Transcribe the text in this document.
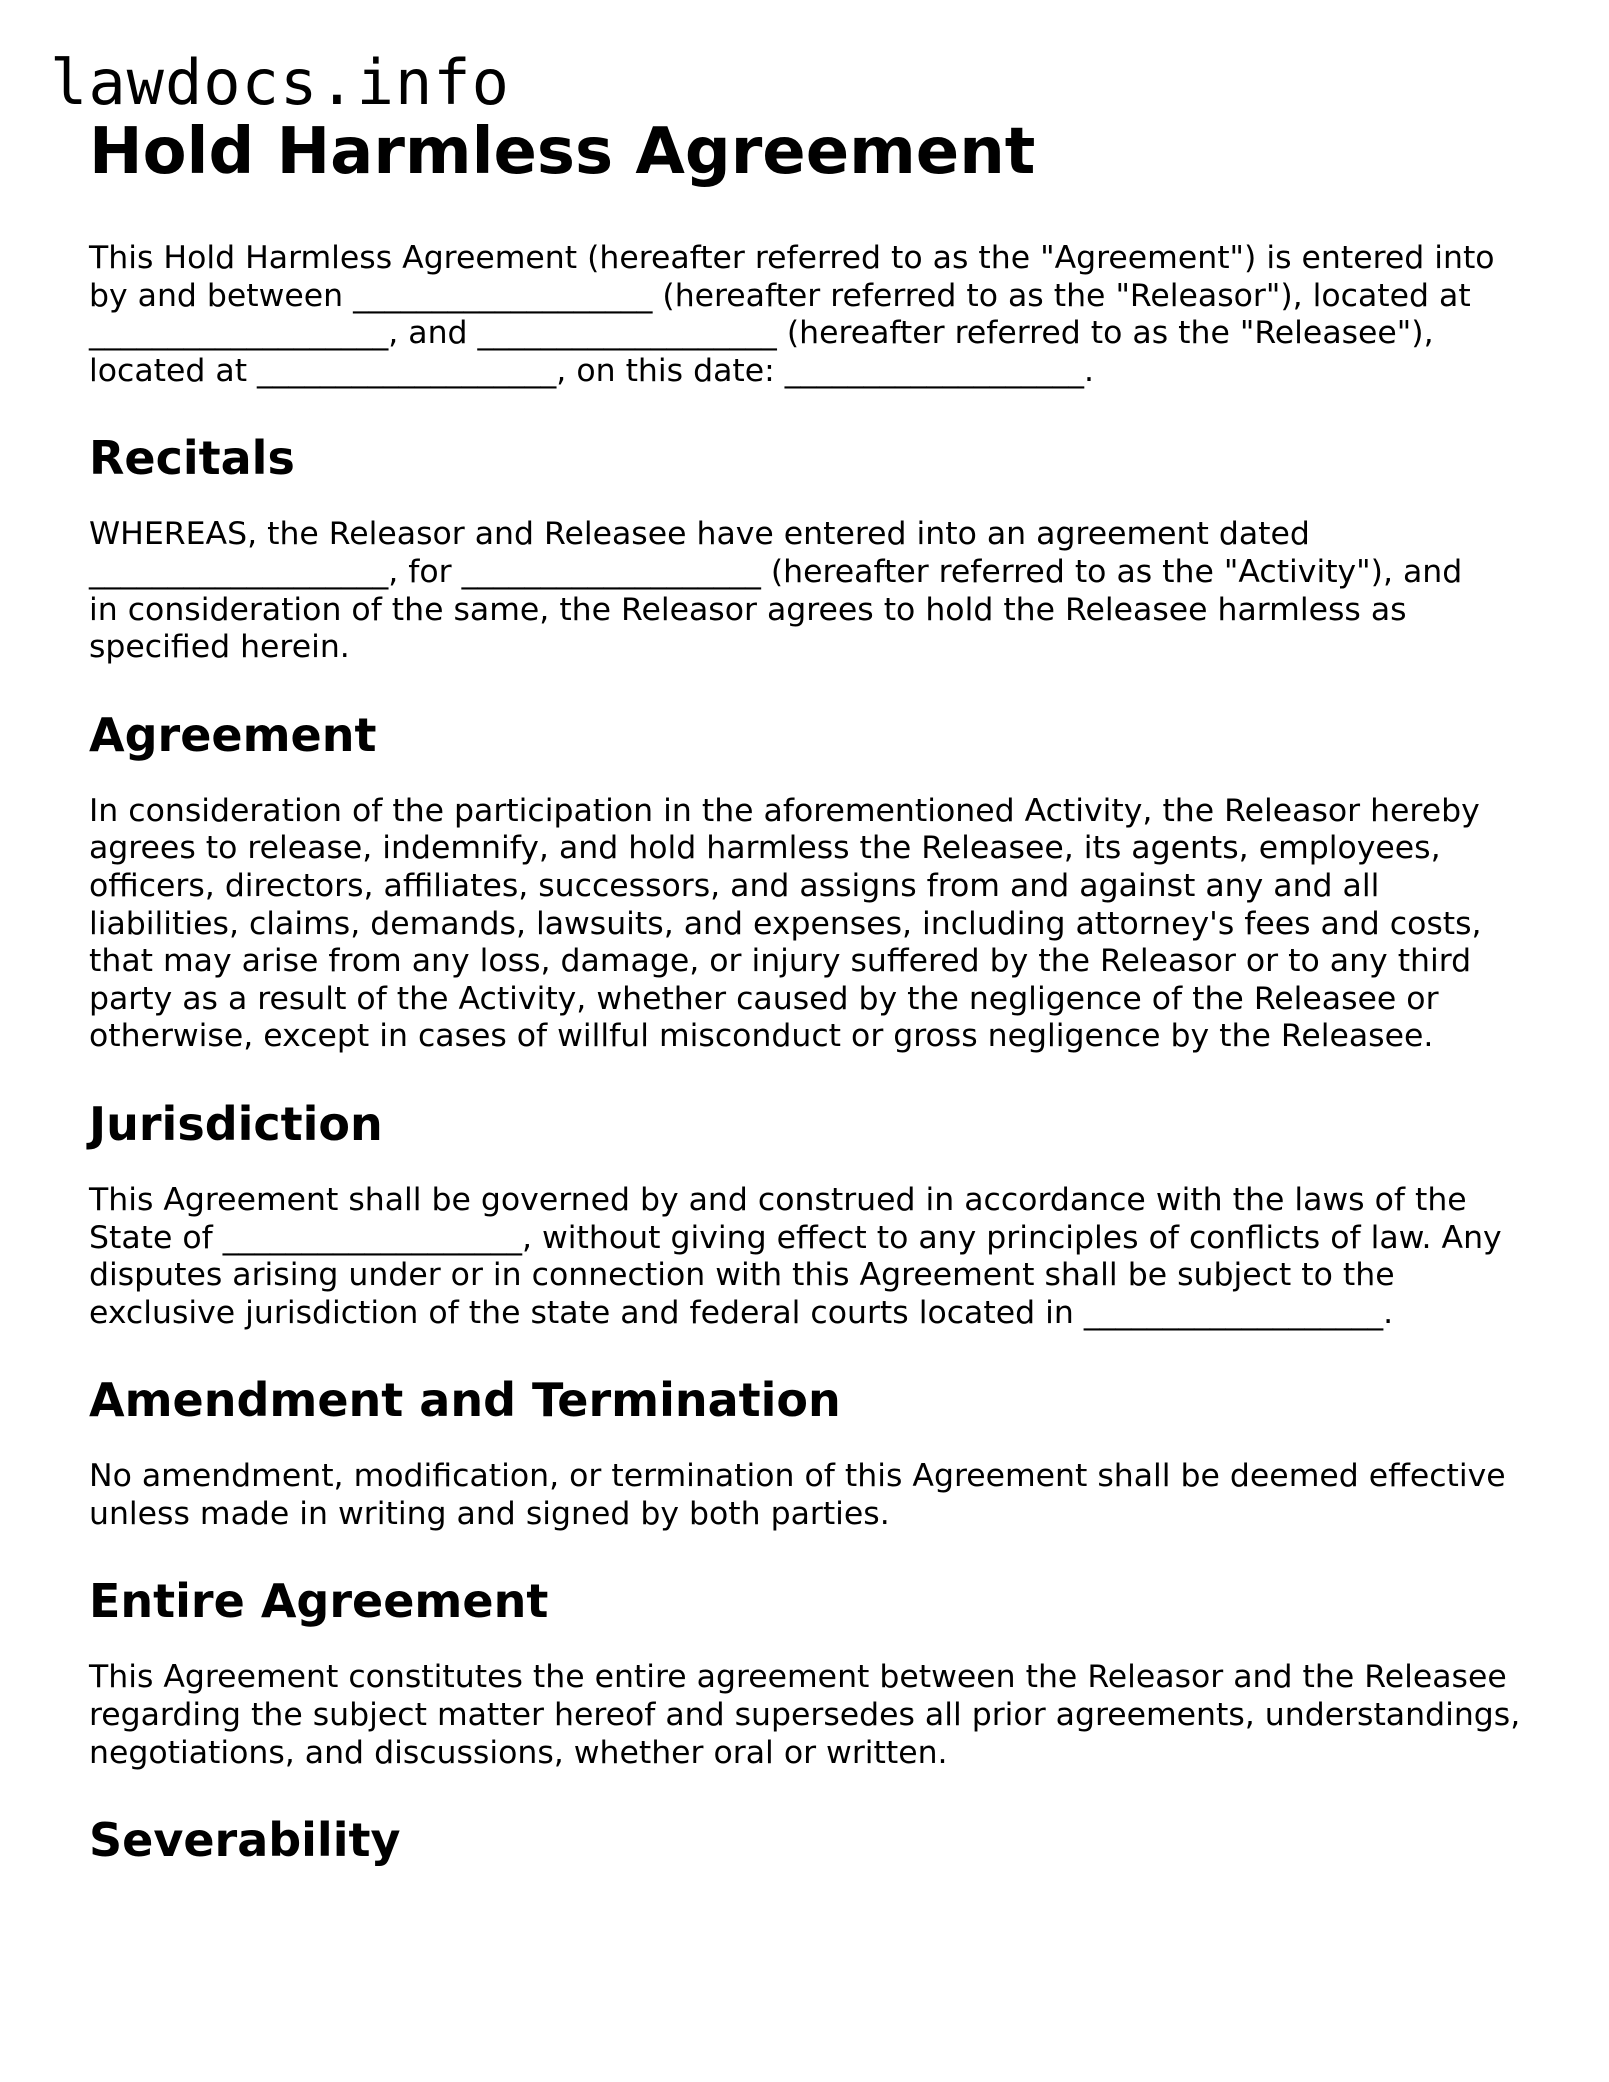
lawdocs.info
Hold Harmless Agreement

This Hold Harmless Agreement (hereafter referred to as the "Agreement") is entered into
by and between ___________________ (hereafter referred to as the "Releasor"), located at
___________________, and ___________________ (hereafter referred to as the "Releasee"),
located at ___________________, on this date: ___________________.

Recitals

WHEREAS, the Releasor and Releasee have entered into an agreement dated
___________________, for ___________________ (hereafter referred to as the "Activity"), and
in consideration of the same, the Releasor agrees to hold the Releasee harmless as
specified herein.

Agreement

In consideration of the participation in the aforementioned Activity, the Releasor hereby
agrees to release, indemnify, and hold harmless the Releasee, its agents, employees,
officers, directors, affiliates, successors, and assigns from and against any and all
liabilities, claims, demands, lawsuits, and expenses, including attorney's fees and costs,
that may arise from any loss, damage, or injury suffered by the Releasor or to any third
party as a result of the Activity, whether caused by the negligence of the Releasee or
otherwise, except in cases of willful misconduct or gross negligence by the Releasee.

Jurisdiction

This Agreement shall be governed by and construed in accordance with the laws of the
State of ___________________, without giving effect to any principles of conflicts of law. Any
disputes arising under or in connection with this Agreement shall be subject to the
exclusive jurisdiction of the state and federal courts located in ___________________.

Amendment and Termination

No amendment, modification, or termination of this Agreement shall be deemed effective
unless made in writing and signed by both parties.

Entire Agreement

This Agreement constitutes the entire agreement between the Releasor and the Releasee
regarding the subject matter hereof and supersedes all prior agreements, understandings,
negotiations, and discussions, whether oral or written.

Severability
